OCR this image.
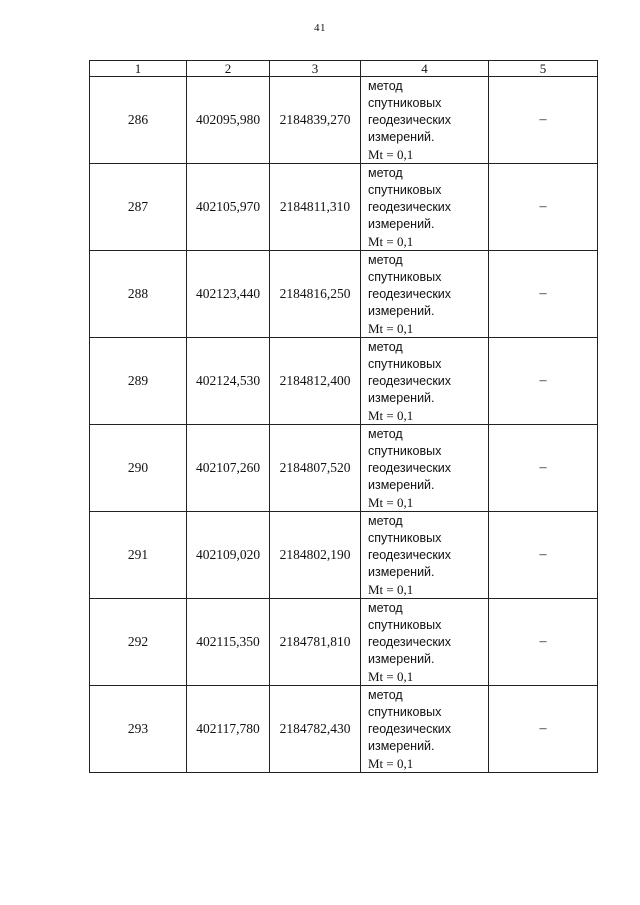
41
1	2	3	4	5
286	402095,980	2184839,270	метод
спутниковых
геодезических
измерений.
Mt = 0,1	–
287	402105,970	2184811,310	метод
спутниковых
геодезических
измерений.
Mt = 0,1	–
288	402123,440	2184816,250	метод
спутниковых
геодезических
измерений.
Mt = 0,1	–
289	402124,530	2184812,400	метод
спутниковых
геодезических
измерений.
Mt = 0,1	–
290	402107,260	2184807,520	метод
спутниковых
геодезических
измерений.
Mt = 0,1	–
291	402109,020	2184802,190	метод
спутниковых
геодезических
измерений.
Mt = 0,1	–
292	402115,350	2184781,810	метод
спутниковых
геодезических
измерений.
Mt = 0,1	–
293	402117,780	2184782,430	метод
спутниковых
геодезических
измерений.
Mt = 0,1	–
